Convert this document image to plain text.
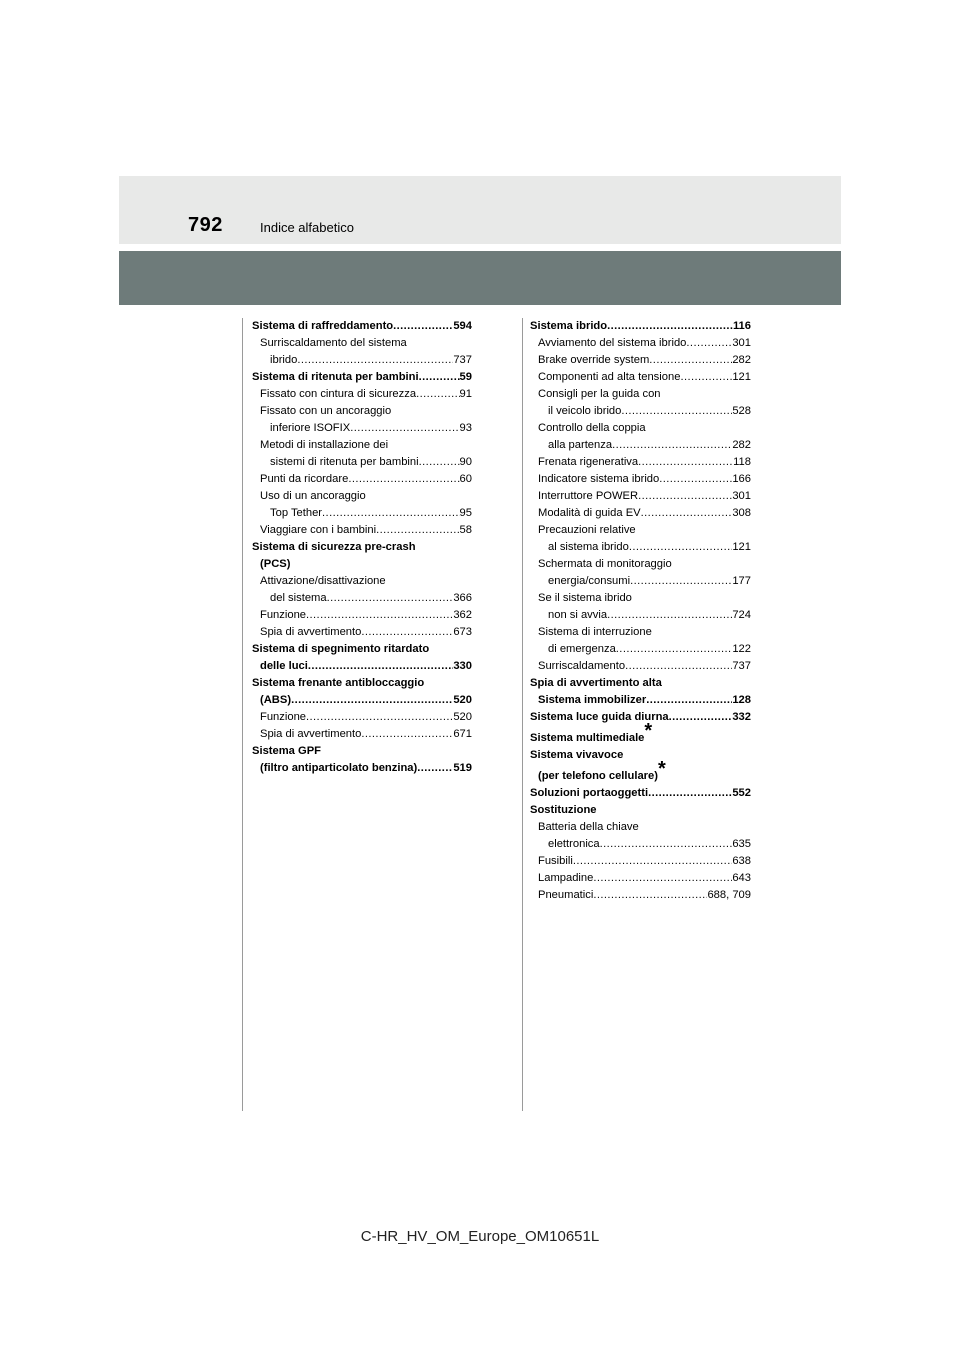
792	Indice alfabetico
Sistema di raffreddamento .....	594
Surriscaldamento del sistema
ibrido .....	737
Sistema di ritenuta per bambini .....	59
Fissato con cintura di sicurezza .....	91
Fissato con un ancoraggio
inferiore ISOFIX .....	93
Metodi di installazione dei
sistemi di ritenuta per bambini .....	90
Punti da ricordare .....	60
Uso di un ancoraggio
Top Tether .....	95
Viaggiare con i bambini .....	58
Sistema di sicurezza pre-crash
(PCS)
Attivazione/disattivazione
del sistema .....	366
Funzione .....	362
Spia di avvertimento .....	673
Sistema di spegnimento ritardato
delle luci .....	330
Sistema frenante antibloccaggio
(ABS) .....	520
Funzione .....	520
Spia di avvertimento .....	671
Sistema GPF
(filtro antiparticolato benzina) .....	519
Sistema ibrido .....	116
Avviamento del sistema ibrido .....	301
Brake override system .....	282
Componenti ad alta tensione .....	121
Consigli per la guida con
il veicolo ibrido .....	528
Controllo della coppia
alla partenza .....	282
Frenata rigenerativa .....	118
Indicatore sistema ibrido .....	166
Interruttore POWER .....	301
Modalità di guida EV .....	308
Precauzioni relative
al sistema ibrido .....	121
Schermata di monitoraggio
energia/consumi .....	177
Se il sistema ibrido
non si avvia .....	724
Sistema di interruzione
di emergenza .....	122
Surriscaldamento .....	737
Spia di avvertimento alta
Sistema immobilizer .....	128
Sistema luce guida diurna .....	332
Sistema multimediale*
Sistema vivavoce
(per telefono cellulare)*
Soluzioni portaoggetti .....	552
Sostituzione
Batteria della chiave
elettronica .....	635
Fusibili .....	638
Lampadine .....	643
Pneumatici .....	688, 709
C-HR_HV_OM_Europe_OM10651L
